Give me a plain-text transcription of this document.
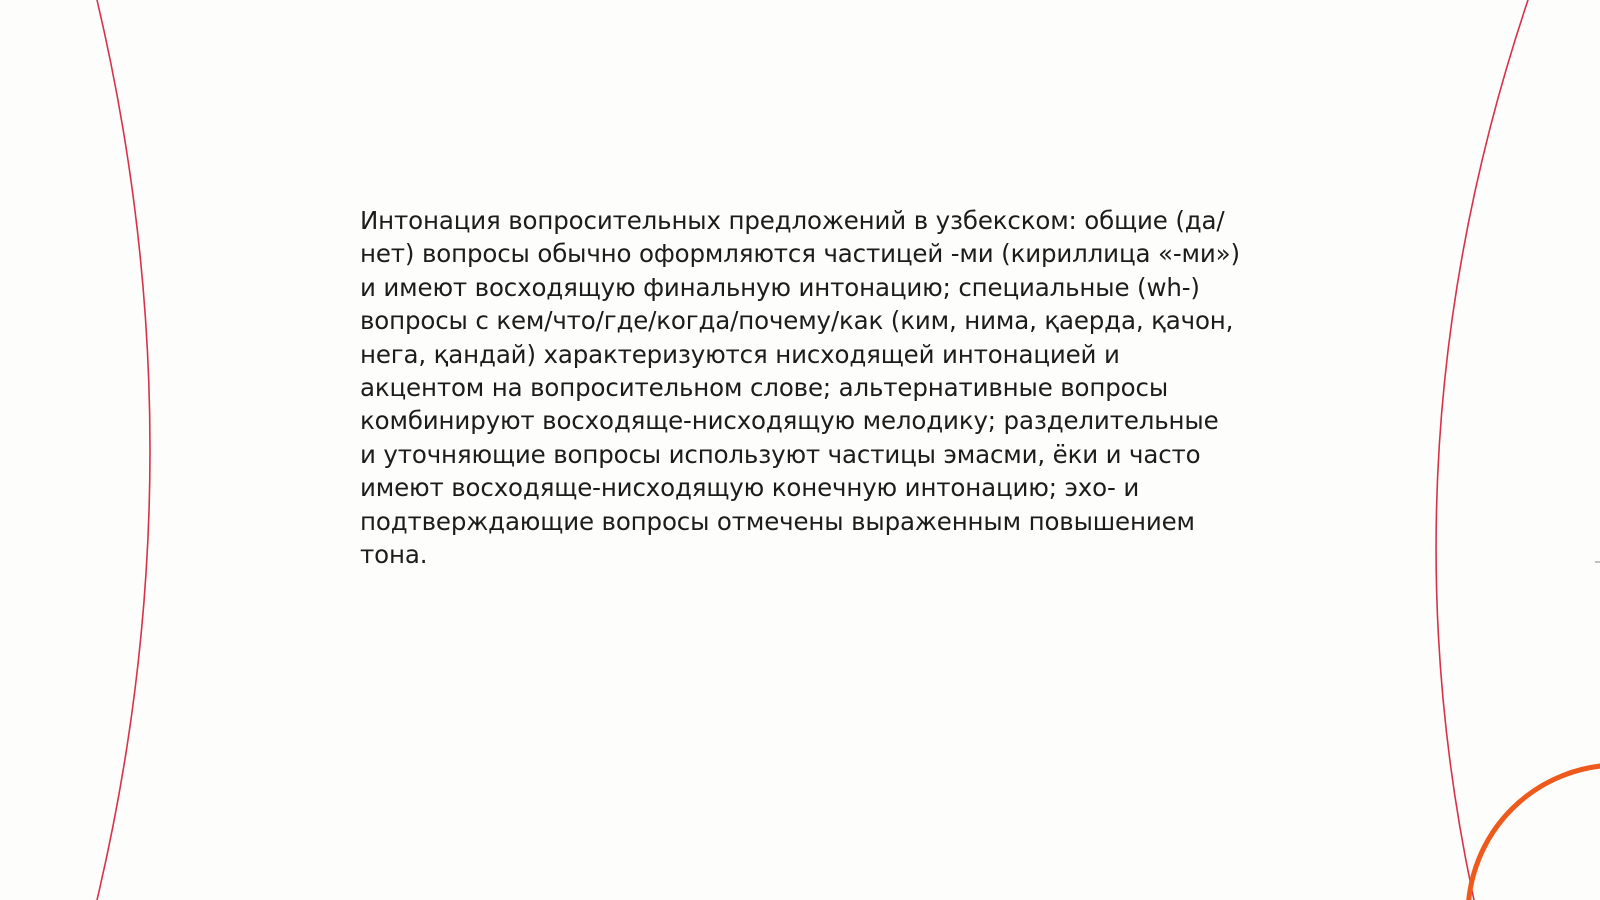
Интонация вопросительных предложений в узбекском: общие (да/нет) вопросы обычно оформляются частицей -ми (кириллица «-ми») и имеют восходящую финальную интонацию; специальные (wh-) вопросы с кем/что/где/когда/почему/как (ким, нима, қаерда, қачон, нега, қандай) характеризуются нисходящей интонацией и акцентом на вопросительном слове; альтернативные вопросы комбинируют восходяще-нисходящую мелодику; разделительные и уточняющие вопросы используют частицы эмасми, ёки и часто имеют восходяще-нисходящую конечную интонацию; эхо- и подтверждающие вопросы отмечены выраженным повышением тона.
